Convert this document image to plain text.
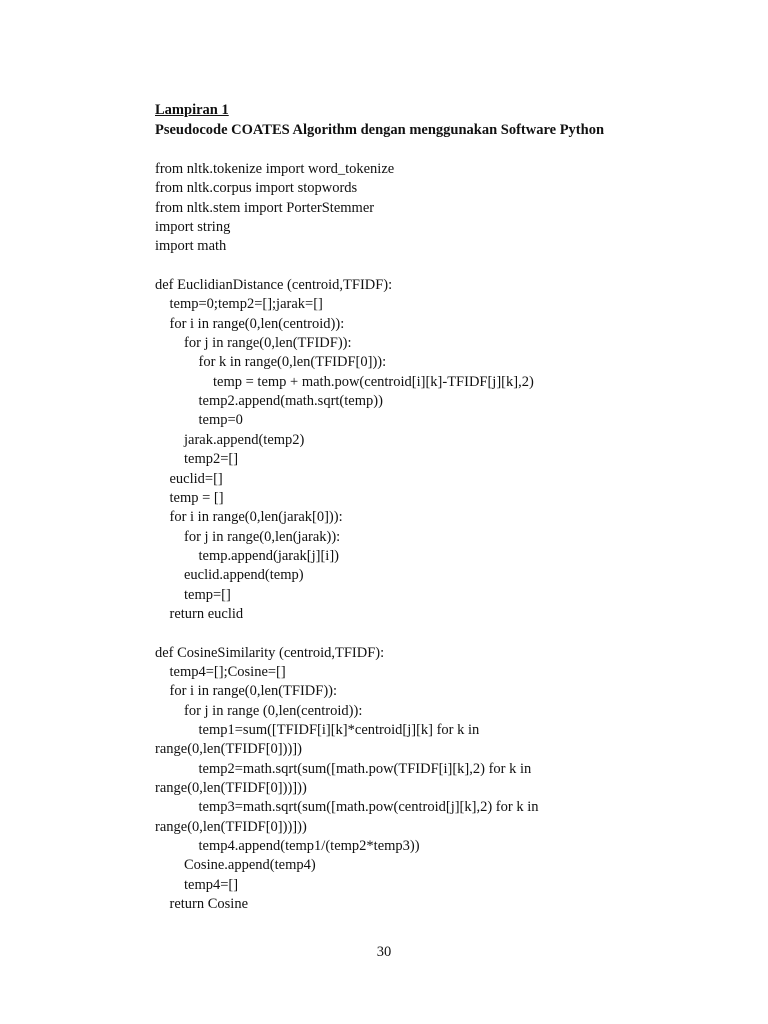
Lampiran 1
Pseudocode COATES Algorithm dengan menggunakan Software Python
from nltk.tokenize import word_tokenize
from nltk.corpus import stopwords
from nltk.stem import PorterStemmer
import string
import math
def EuclidianDistance (centroid,TFIDF):
temp=0;temp2=[];jarak=[]
for i in range(0,len(centroid)):
for j in range(0,len(TFIDF)):
for k in range(0,len(TFIDF[0])):
temp = temp + math.pow(centroid[i][k]-TFIDF[j][k],2)
temp2.append(math.sqrt(temp))
temp=0
jarak.append(temp2)
temp2=[]
euclid=[]
temp = []
for i in range(0,len(jarak[0])):
for j in range(0,len(jarak)):
temp.append(jarak[j][i])
euclid.append(temp)
temp=[]
return euclid
def CosineSimilarity (centroid,TFIDF):
temp4=[];Cosine=[]
for i in range(0,len(TFIDF)):
for j in range (0,len(centroid)):
temp1=sum([TFIDF[i][k]*centroid[j][k] for k in
range(0,len(TFIDF[0]))])
temp2=math.sqrt(sum([math.pow(TFIDF[i][k],2) for k in
range(0,len(TFIDF[0]))]))
temp3=math.sqrt(sum([math.pow(centroid[j][k],2) for k in
range(0,len(TFIDF[0]))]))
temp4.append(temp1/(temp2*temp3))
Cosine.append(temp4)
temp4=[]
return Cosine
30
